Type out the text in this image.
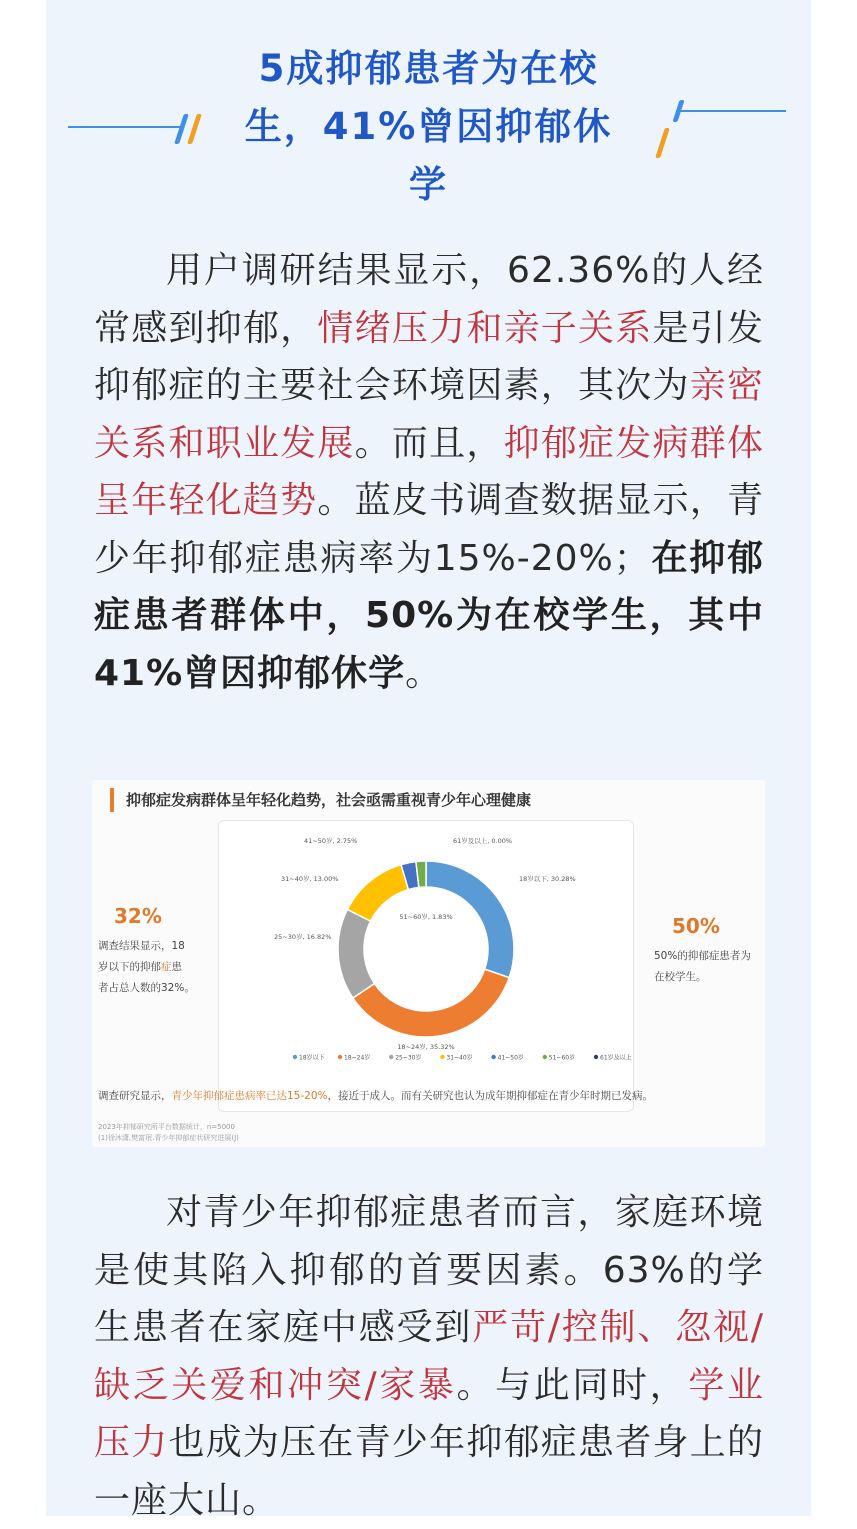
5成抑郁患者为在校
生，41%曾因抑郁休
学
用户调研结果显示，62.36%的人经常感到抑郁，情绪压力和亲子关系是引发抑郁症的主要社会环境因素，其次为亲密关系和职业发展。而且，抑郁症发病群体呈年轻化趋势。蓝皮书调查数据显示，青少年抑郁症患病率为15%-20%；在抑郁症患者群体中，50%为在校学生，其中41%曾因抑郁休学。
抑郁症发病群体呈年轻化趋势，社会亟需重视青少年心理健康
32%
调查结果显示，18
岁以下的抑郁症患
者占总人数的32%。
50%
50%的抑郁症患者为
在校学生。
18岁以下, 30.28%
18~24岁, 35.32%
25~30岁, 16.82%
31~40岁, 13.00%
41~50岁, 2.75%
51~60岁, 1.83%
61岁及以上, 0.00%
18岁以下	18~24岁	25~30岁	31~40岁	41~50岁	51~60岁	61岁及以上
调查研究显示，青少年抑郁症患病率已达15-20%，接近于成人。而有关研究也认为成年期抑郁症在青少年时期已发病。
2023年抑郁研究所平台数据统计，n=5000
(1)徐沐潇,樊富珉.青少年抑郁症状研究进展(J)
对青少年抑郁症患者而言，家庭环境是使其陷入抑郁的首要因素。63%的学生患者在家庭中感受到严苛/控制、忽视/缺乏关爱和冲突/家暴。与此同时，学业压力也成为压在青少年抑郁症患者身上的一座大山。
